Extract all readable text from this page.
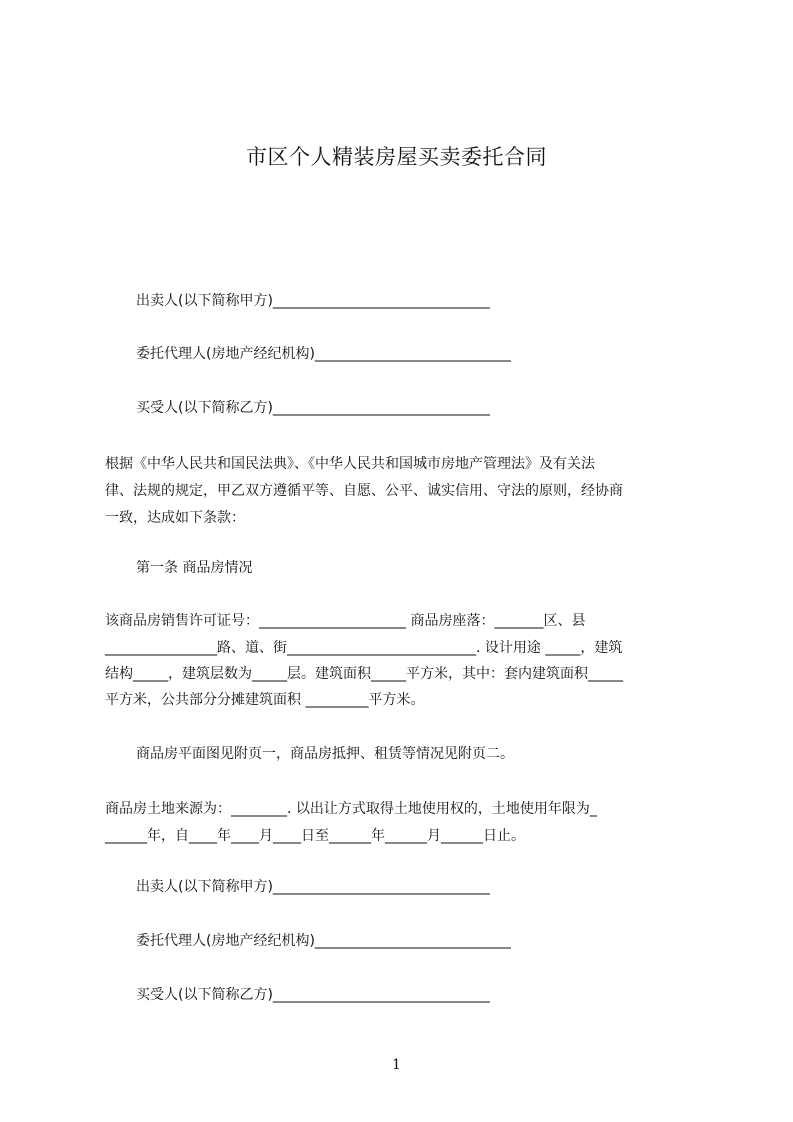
市区个人精装房屋买卖委托合同
出卖人(以下简称甲方)_______________________________
委托代理人(房地产经纪机构)____________________________
买受人(以下简称乙方)_______________________________
根据《中华人民共和国民法典》、《中华人民共和国城市房地产管理法》及有关法
律、法规的规定，甲乙双方遵循平等、自愿、公平、诚实信用、守法的原则，经协商
一致，达成如下条款：
第一条 商品房情况
该商品房销售许可证号：_____________________ 商品房座落：_______区、县
________________路、道、街___________________________. 设计用途 _____，建筑
结构_____，建筑层数为_____层。建筑面积_____平方米，其中：套内建筑面积_____
平方米，公共部分分摊建筑面积 _________平方米。
商品房平面图见附页一，商品房抵押、租赁等情况见附页二。
商品房土地来源为：________. 以出让方式取得土地使用权的，土地使用年限为_
______年，自____年____月____日至______年______月______日止。
出卖人(以下简称甲方)_______________________________
委托代理人(房地产经纪机构)____________________________
买受人(以下简称乙方)_______________________________
1
